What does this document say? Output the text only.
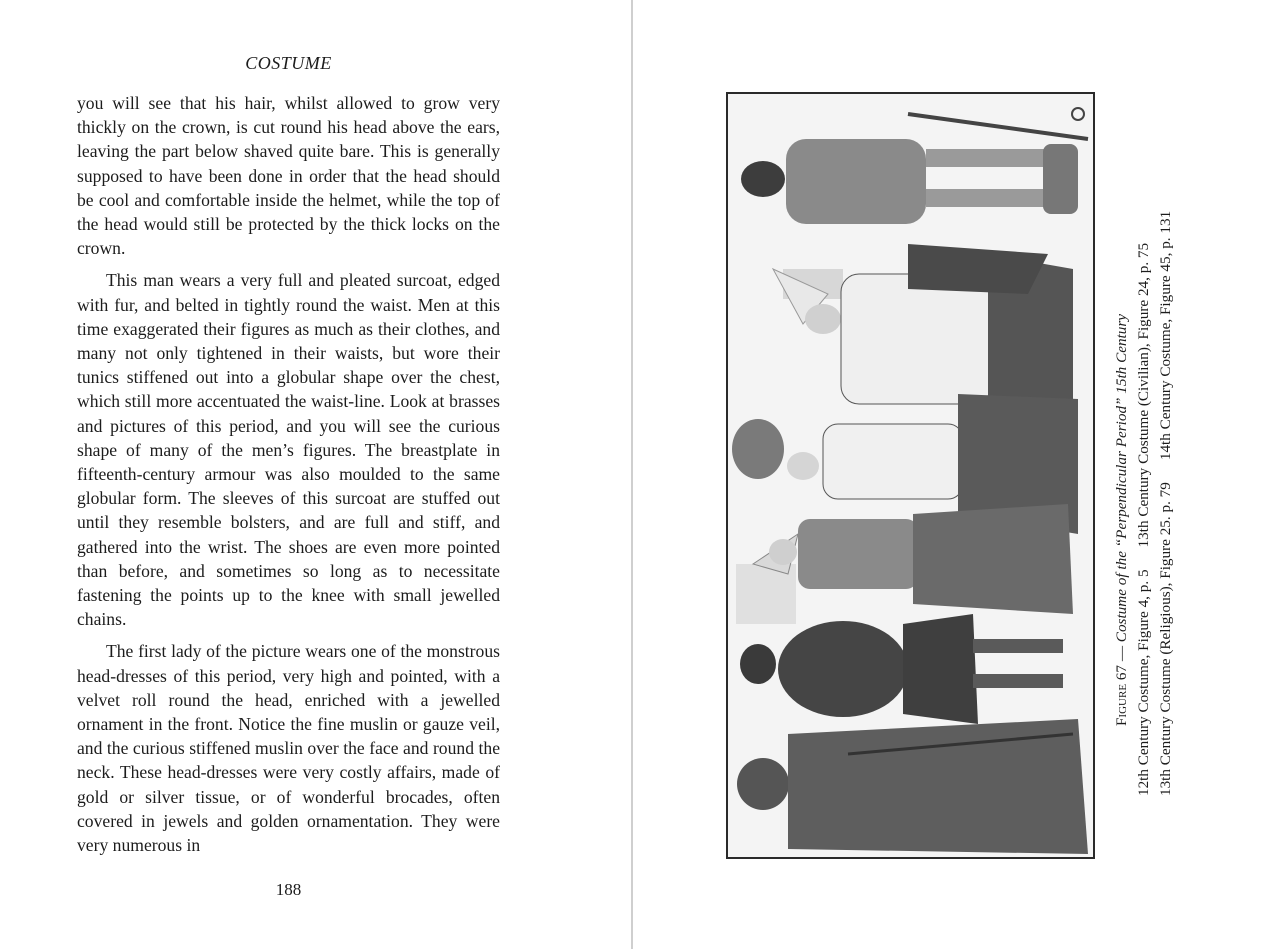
COSTUME

you will see that his hair, whilst allowed to grow very thickly on the crown, is cut round his head above the ears, leaving the part below shaved quite bare. This is generally supposed to have been done in order that the head should be cool and comfortable inside the helmet, while the top of the head would still be protected by the thick locks on the crown.

This man wears a very full and pleated surcoat, edged with fur, and belted in tightly round the waist. Men at this time exaggerated their figures as much as their clothes, and many not only tightened in their waists, but wore their tunics stiffened out into a globular shape over the chest, which still more accentuated the waist-line. Look at brasses and pictures of this period, and you will see the curious shape of many of the men’s figures. The breastplate in fifteenth-century armour was also moulded to the same globular form. The sleeves of this surcoat are stuffed out until they resemble bolsters, and are full and stiff, and gathered into the wrist. The shoes are even more pointed than before, and sometimes so long as to necessitate fastening the points up to the knee with small jewelled chains.

The first lady of the picture wears one of the monstrous head-dresses of this period, very high and pointed, with a velvet roll round the head, enriched with a jewelled ornament in the front. Notice the fine muslin or gauze veil, and the curious stiffened muslin over the face and round the neck. These head-dresses were very costly affairs, made of gold or silver tissue, or of wonderful brocades, often covered in jewels and golden ornamentation. They were very numerous in

188
Figure 67 — Costume of the “Perpendicular Period” 15th Century
12th Century Costume, Figure 4, p. 5
13th Century Costume (Civilian), Figure 24, p. 75
13th Century Costume (Religious), Figure 25. p. 79
14th Century Costume, Figure 45, p. 131
